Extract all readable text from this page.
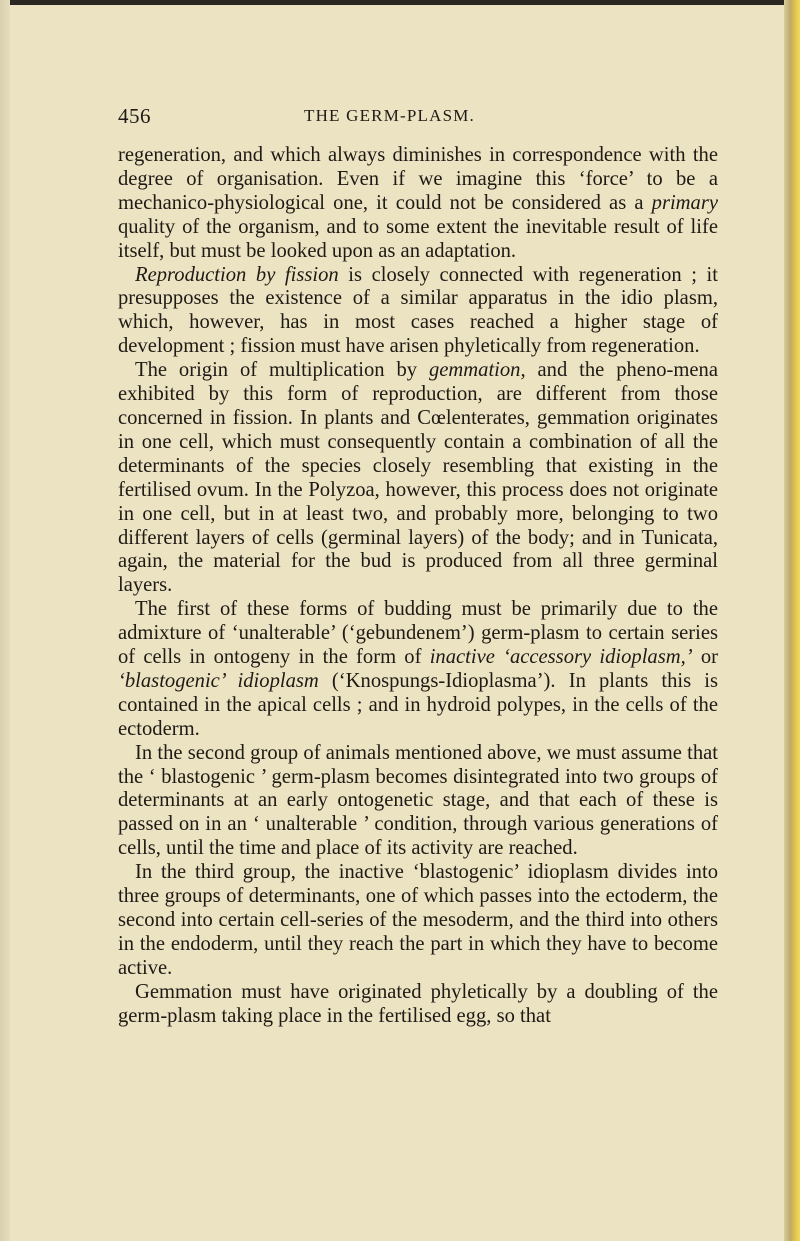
456	THE GERM-PLASM.

regeneration, and which always diminishes in correspondence with the degree of organisation. Even if we imagine this ‘force’ to be a mechanico-physiological one, it could not be considered as a primary quality of the organism, and to some extent the inevitable result of life itself, but must be looked upon as an adaptation.

Reproduction by fission is closely connected with regeneration ; it presupposes the existence of a similar apparatus in the idio plasm, which, however, has in most cases reached a higher stage of development ; fission must have arisen phyletically from regeneration.

The origin of multiplication by gemmation, and the pheno-mena exhibited by this form of reproduction, are different from those concerned in fission. In plants and Cœlenterates, gemmation originates in one cell, which must consequently contain a combination of all the determinants of the species closely resembling that existing in the fertilised ovum. In the Polyzoa, however, this process does not originate in one cell, but in at least two, and probably more, belonging to two different layers of cells (germinal layers) of the body; and in Tunicata, again, the material for the bud is produced from all three germinal layers.

The first of these forms of budding must be primarily due to the admixture of ‘unalterable’ (‘gebundenem’) germ-plasm to certain series of cells in ontogeny in the form of inactive ‘accessory idioplasm,’ or ‘blastogenic’ idioplasm (‘Knospungs-Idioplasma’). In plants this is contained in the apical cells ; and in hydroid polypes, in the cells of the ectoderm.

In the second group of animals mentioned above, we must assume that the ‘ blastogenic ’ germ-plasm becomes disintegrated into two groups of determinants at an early ontogenetic stage, and that each of these is passed on in an ‘ unalterable ’ condition, through various generations of cells, until the time and place of its activity are reached.

In the third group, the inactive ‘blastogenic’ idioplasm divides into three groups of determinants, one of which passes into the ectoderm, the second into certain cell-series of the mesoderm, and the third into others in the endoderm, until they reach the part in which they have to become active.

Gemmation must have originated phyletically by a doubling of the germ-plasm taking place in the fertilised egg, so that
